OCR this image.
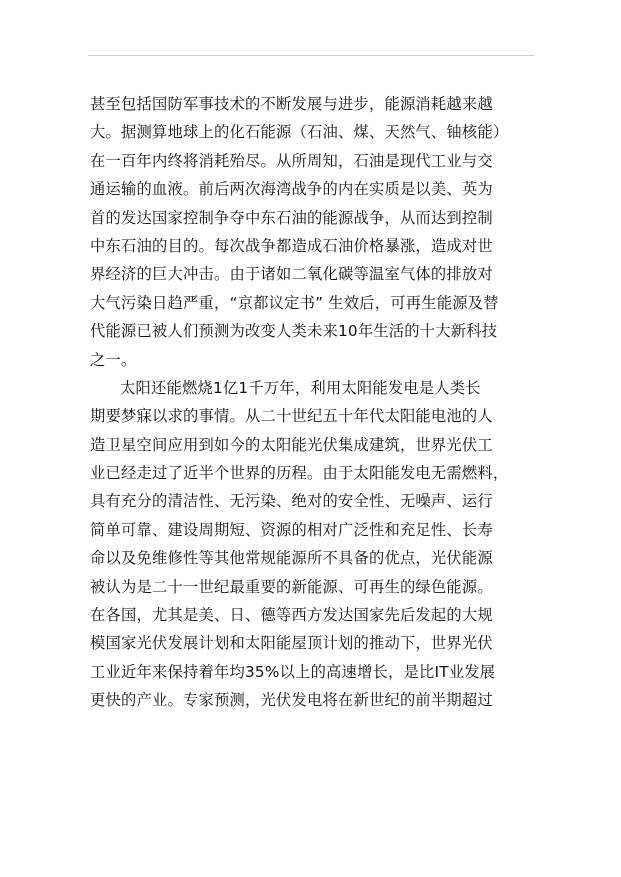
甚至包括国防军事技术的不断发展与进步，能源消耗越来越
大。据测算地球上的化石能源（石油、煤、天然气、铀核能）
在一百年内终将消耗殆尽。从所周知，石油是现代工业与交
通运输的血液。前后两次海湾战争的内在实质是以美、英为
首的发达国家控制争夺中东石油的能源战争，从而达到控制
中东石油的目的。每次战争都造成石油价格暴涨，造成对世
界经济的巨大冲击。由于诸如二氧化碳等温室气体的排放对
大气污染日趋严重，“京都议定书” 生效后，可再生能源及替
代能源已被人们预测为改变人类未来10年生活的十大新科技
之一。
太阳还能燃烧1亿1千万年，利用太阳能发电是人类长
期要梦寐以求的事情。从二十世纪五十年代太阳能电池的人
造卫星空间应用到如今的太阳能光伏集成建筑，世界光伏工
业已经走过了近半个世界的历程。由于太阳能发电无需燃料，
具有充分的清洁性、无污染、绝对的安全性、无噪声、运行
简单可靠、建设周期短、资源的相对广泛性和充足性、长寿
命以及免维修性等其他常规能源所不具备的优点，光伏能源
被认为是二十一世纪最重要的新能源、可再生的绿色能源。
在各国，尤其是美、日、德等西方发达国家先后发起的大规
模国家光伏发展计划和太阳能屋顶计划的推动下，世界光伏
工业近年来保持着年均35%以上的高速增长，是比IT业发展
更快的产业。专家预测，光伏发电将在新世纪的前半期超过
